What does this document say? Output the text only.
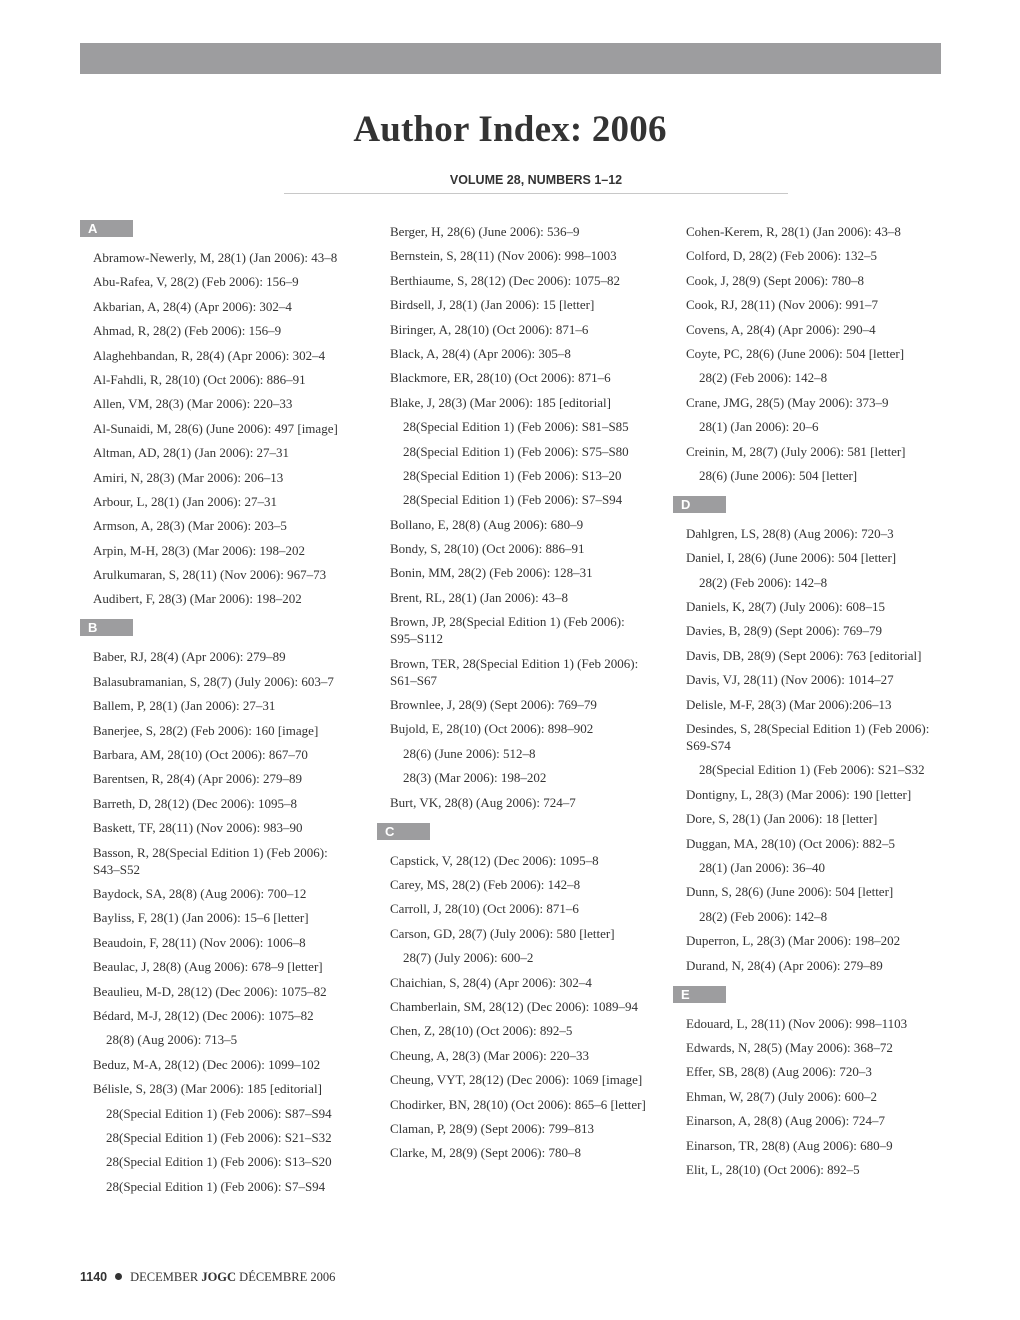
Author Index: 2006
VOLUME 28, NUMBERS 1–12
A
Abramow-Newerly, M, 28(1) (Jan 2006): 43–8
Abu-Rafea, V, 28(2) (Feb 2006): 156–9
Akbarian, A, 28(4) (Apr 2006): 302–4
Ahmad, R, 28(2) (Feb 2006): 156–9
Alaghehbandan, R, 28(4) (Apr 2006): 302–4
Al-Fahdli, R, 28(10) (Oct 2006): 886–91
Allen, VM, 28(3) (Mar 2006): 220–33
Al-Sunaidi, M, 28(6) (June 2006): 497 [image]
Altman, AD, 28(1) (Jan 2006): 27–31
Amiri, N, 28(3) (Mar 2006): 206–13
Arbour, L, 28(1) (Jan 2006): 27–31
Armson, A, 28(3) (Mar 2006): 203–5
Arpin, M-H, 28(3) (Mar 2006): 198–202
Arulkumaran, S, 28(11) (Nov 2006): 967–73
Audibert, F, 28(3) (Mar 2006): 198–202
B
Baber, RJ, 28(4) (Apr 2006): 279–89
Balasubramanian, S, 28(7) (July 2006): 603–7
Ballem, P, 28(1) (Jan 2006): 27–31
Banerjee, S, 28(2) (Feb 2006): 160 [image]
Barbara, AM, 28(10) (Oct 2006): 867–70
Barentsen, R, 28(4) (Apr 2006): 279–89
Barreth, D, 28(12) (Dec 2006): 1095–8
Baskett, TF, 28(11) (Nov 2006): 983–90
Basson, R, 28(Special Edition 1) (Feb 2006): S43–S52
Baydock, SA, 28(8) (Aug 2006): 700–12
Bayliss, F, 28(1) (Jan 2006): 15–6 [letter]
Beaudoin, F, 28(11) (Nov 2006): 1006–8
Beaulac, J, 28(8) (Aug 2006): 678–9 [letter]
Beaulieu, M-D, 28(12) (Dec 2006): 1075–82
Bédard, M-J, 28(12) (Dec 2006): 1075–82
28(8) (Aug 2006): 713–5
Beduz, M-A, 28(12) (Dec 2006): 1099–102
Bélisle, S, 28(3) (Mar 2006): 185 [editorial]
28(Special Edition 1) (Feb 2006): S87–S94
28(Special Edition 1) (Feb 2006): S21–S32
28(Special Edition 1) (Feb 2006): S13–S20
28(Special Edition 1) (Feb 2006): S7–S94
Berger, H, 28(6) (June 2006): 536–9
Bernstein, S, 28(11) (Nov 2006): 998–1003
Berthiaume, S, 28(12) (Dec 2006): 1075–82
Birdsell, J, 28(1) (Jan 2006): 15 [letter]
Biringer, A, 28(10) (Oct 2006): 871–6
Black, A, 28(4) (Apr 2006): 305–8
Blackmore, ER, 28(10) (Oct 2006): 871–6
Blake, J, 28(3) (Mar 2006): 185 [editorial]
28(Special Edition 1) (Feb 2006): S81–S85
28(Special Edition 1) (Feb 2006): S75–S80
28(Special Edition 1) (Feb 2006): S13–20
28(Special Edition 1) (Feb 2006): S7–S94
Bollano, E, 28(8) (Aug 2006): 680–9
Bondy, S, 28(10) (Oct 2006): 886–91
Bonin, MM, 28(2) (Feb 2006): 128–31
Brent, RL, 28(1) (Jan 2006): 43–8
Brown, JP, 28(Special Edition 1) (Feb 2006): S95–S112
Brown, TER, 28(Special Edition 1) (Feb 2006): S61–S67
Brownlee, J, 28(9) (Sept 2006): 769–79
Bujold, E, 28(10) (Oct 2006): 898–902
28(6) (June 2006): 512–8
28(3) (Mar 2006): 198–202
Burt, VK, 28(8) (Aug 2006): 724–7
C
Capstick, V, 28(12) (Dec 2006): 1095–8
Carey, MS, 28(2) (Feb 2006): 142–8
Carroll, J, 28(10) (Oct 2006): 871–6
Carson, GD, 28(7) (July 2006): 580 [letter]
28(7) (July 2006): 600–2
Chaichian, S, 28(4) (Apr 2006): 302–4
Chamberlain, SM, 28(12) (Dec 2006): 1089–94
Chen, Z, 28(10) (Oct 2006): 892–5
Cheung, A, 28(3) (Mar 2006): 220–33
Cheung, VYT, 28(12) (Dec 2006): 1069 [image]
Chodirker, BN, 28(10) (Oct 2006): 865–6 [letter]
Claman, P, 28(9) (Sept 2006): 799–813
Clarke, M, 28(9) (Sept 2006): 780–8
Cohen-Kerem, R, 28(1) (Jan 2006): 43–8
Colford, D, 28(2) (Feb 2006): 132–5
Cook, J, 28(9) (Sept 2006): 780–8
Cook, RJ, 28(11) (Nov 2006): 991–7
Covens, A, 28(4) (Apr 2006): 290–4
Coyte, PC, 28(6) (June 2006): 504 [letter]
28(2) (Feb 2006): 142–8
Crane, JMG, 28(5) (May 2006): 373–9
28(1) (Jan 2006): 20–6
Creinin, M, 28(7) (July 2006): 581 [letter]
28(6) (June 2006): 504 [letter]
D
Dahlgren, LS, 28(8) (Aug 2006): 720–3
Daniel, I, 28(6) (June 2006): 504 [letter]
28(2) (Feb 2006): 142–8
Daniels, K, 28(7) (July 2006): 608–15
Davies, B, 28(9) (Sept 2006): 769–79
Davis, DB, 28(9) (Sept 2006): 763 [editorial]
Davis, VJ, 28(11) (Nov 2006): 1014–27
Delisle, M-F, 28(3) (Mar 2006):206–13
Desindes, S, 28(Special Edition 1) (Feb 2006): S69-S74
28(Special Edition 1) (Feb 2006): S21–S32
Dontigny, L, 28(3) (Mar 2006): 190 [letter]
Dore, S, 28(1) (Jan 2006): 18 [letter]
Duggan, MA, 28(10) (Oct 2006): 882–5
28(1) (Jan 2006): 36–40
Dunn, S, 28(6) (June 2006): 504 [letter]
28(2) (Feb 2006): 142–8
Duperron, L, 28(3) (Mar 2006): 198–202
Durand, N, 28(4) (Apr 2006): 279–89
E
Edouard, L, 28(11) (Nov 2006): 998–1103
Edwards, N, 28(5) (May 2006): 368–72
Effer, SB, 28(8) (Aug 2006): 720–3
Ehman, W, 28(7) (July 2006): 600–2
Einarson, A, 28(8) (Aug 2006): 724–7
Einarson, TR, 28(8) (Aug 2006): 680–9
Elit, L, 28(10) (Oct 2006): 892–5
1140 DECEMBER JOGC DÉCEMBRE 2006
